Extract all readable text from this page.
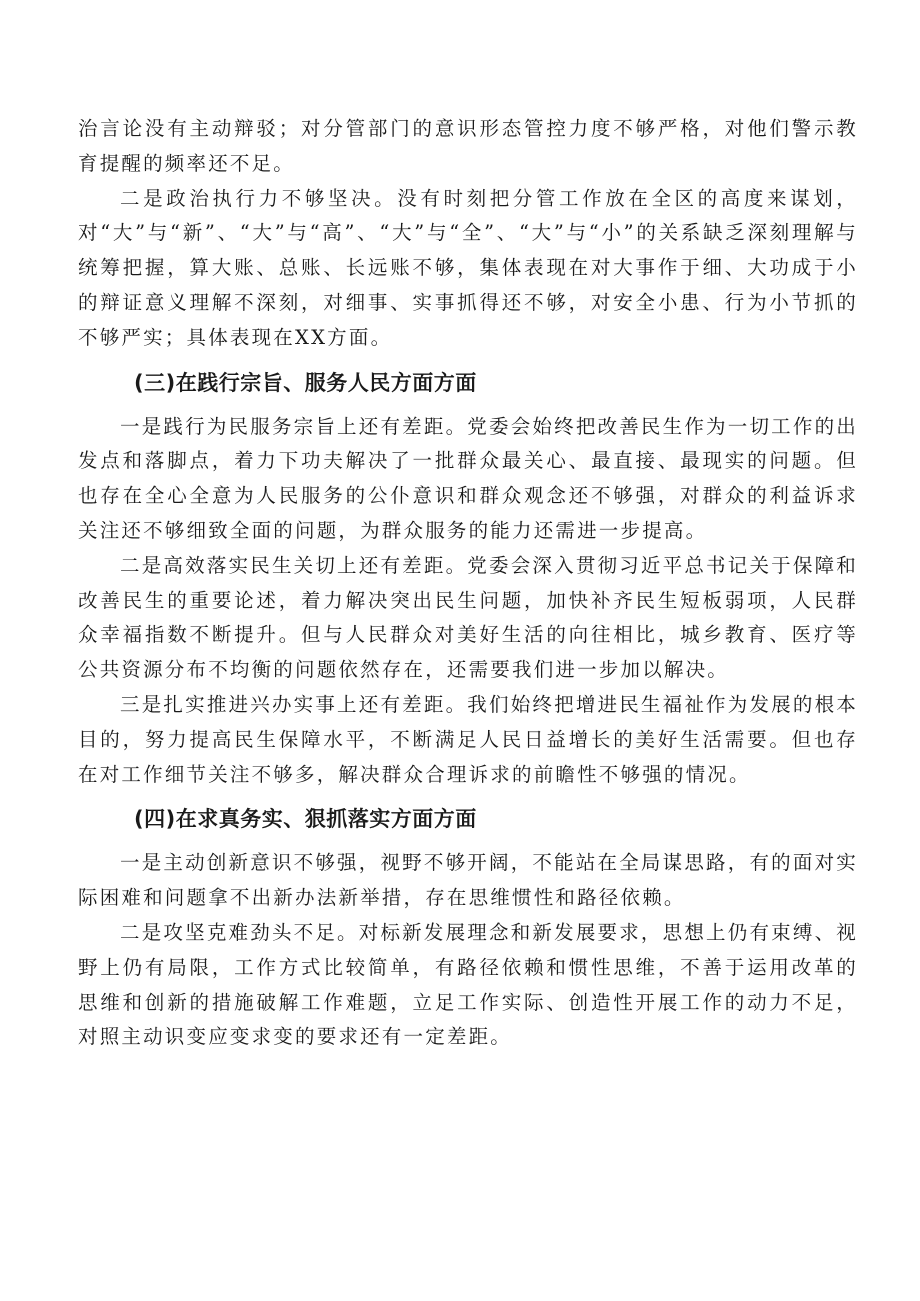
治言论没有主动辩驳；对分管部门的意识形态管控力度不够严格，对他们警示教育提醒的频率还不足。

二是政治执行力不够坚决。没有时刻把分管工作放在全区的高度来谋划，对“大”与“新”、“大”与“高”、“大”与“全”、“大”与“小”的关系缺乏深刻理解与统筹把握，算大账、总账、长远账不够，集体表现在对大事作于细、大功成于小的辩证意义理解不深刻，对细事、实事抓得还不够，对安全小患、行为小节抓的不够严实；具体表现在XX方面。

(三)在践行宗旨、服务人民方面方面

一是践行为民服务宗旨上还有差距。党委会始终把改善民生作为一切工作的出发点和落脚点，着力下功夫解决了一批群众最关心、最直接、最现实的问题。但也存在全心全意为人民服务的公仆意识和群众观念还不够强，对群众的利益诉求关注还不够细致全面的问题，为群众服务的能力还需进一步提高。

二是高效落实民生关切上还有差距。党委会深入贯彻习近平总书记关于保障和改善民生的重要论述，着力解决突出民生问题，加快补齐民生短板弱项，人民群众幸福指数不断提升。但与人民群众对美好生活的向往相比，城乡教育、医疗等公共资源分布不均衡的问题依然存在，还需要我们进一步加以解决。

三是扎实推进兴办实事上还有差距。我们始终把增进民生福祉作为发展的根本目的，努力提高民生保障水平，不断满足人民日益增长的美好生活需要。但也存在对工作细节关注不够多，解决群众合理诉求的前瞻性不够强的情况。

(四)在求真务实、狠抓落实方面方面

一是主动创新意识不够强，视野不够开阔，不能站在全局谋思路，有的面对实际困难和问题拿不出新办法新举措，存在思维惯性和路径依赖。

二是攻坚克难劲头不足。对标新发展理念和新发展要求，思想上仍有束缚、视野上仍有局限，工作方式比较简单，有路径依赖和惯性思维，不善于运用改革的思维和创新的措施破解工作难题，立足工作实际、创造性开展工作的动力不足，对照主动识变应变求变的要求还有一定差距。
